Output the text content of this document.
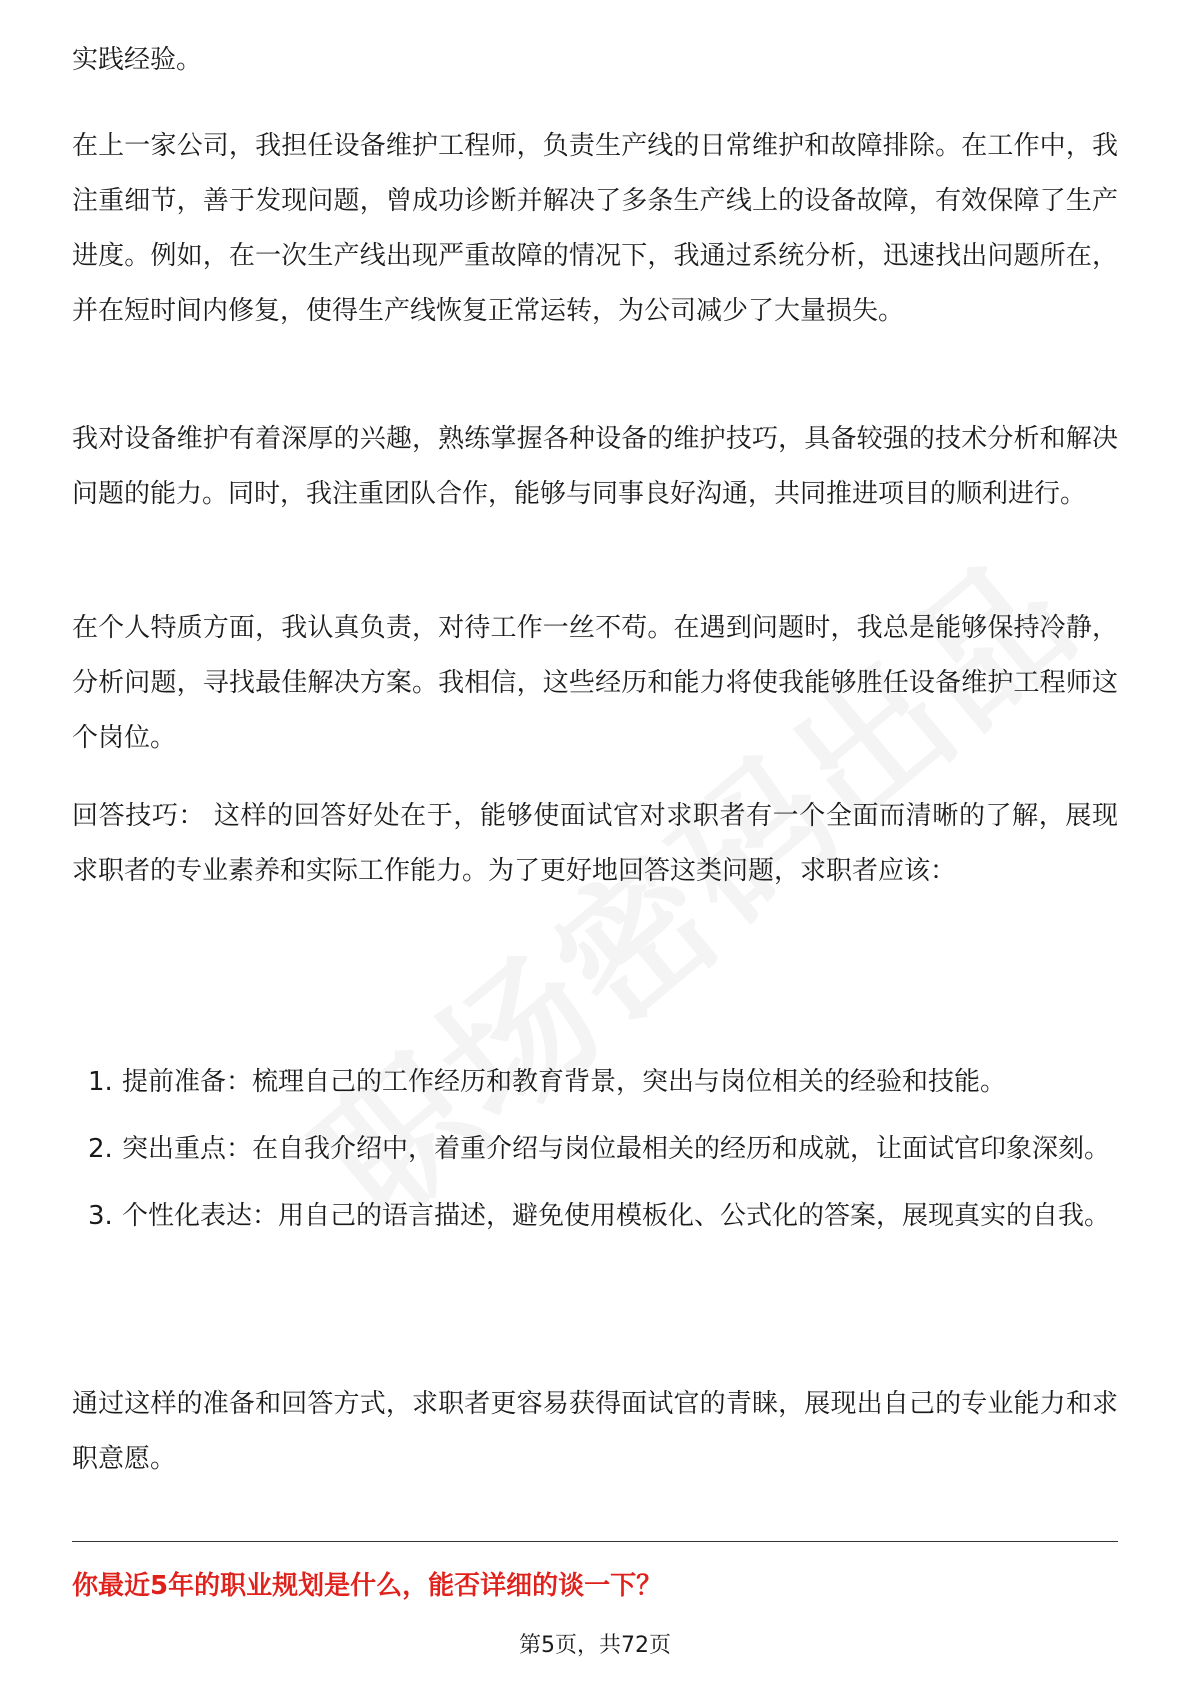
实践经验。

在上一家公司，我担任设备维护工程师，负责生产线的日常维护和故障排除。在工作中，我注重细节，善于发现问题，曾成功诊断并解决了多条生产线上的设备故障，有效保障了生产进度。例如，在一次生产线出现严重故障的情况下，我通过系统分析，迅速找出问题所在，并在短时间内修复，使得生产线恢复正常运转，为公司减少了大量损失。

我对设备维护有着深厚的兴趣，熟练掌握各种设备的维护技巧，具备较强的技术分析和解决问题的能力。同时，我注重团队合作，能够与同事良好沟通，共同推进项目的顺利进行。

在个人特质方面，我认真负责，对待工作一丝不苟。在遇到问题时，我总是能够保持冷静，分析问题，寻找最佳解决方案。我相信，这些经历和能力将使我能够胜任设备维护工程师这个岗位。

回答技巧： 这样的回答好处在于，能够使面试官对求职者有一个全面而清晰的了解，展现求职者的专业素养和实际工作能力。为了更好地回答这类问题，求职者应该：

1. 提前准备：梳理自己的工作经历和教育背景，突出与岗位相关的经验和技能。
2. 突出重点：在自我介绍中，着重介绍与岗位最相关的经历和成就，让面试官印象深刻。
3. 个性化表达：用自己的语言描述，避免使用模板化、公式化的答案，展现真实的自我。

通过这样的准备和回答方式，求职者更容易获得面试官的青睐，展现出自己的专业能力和求职意愿。

你最近5年的职业规划是什么，能否详细的谈一下？

第5页，共72页
